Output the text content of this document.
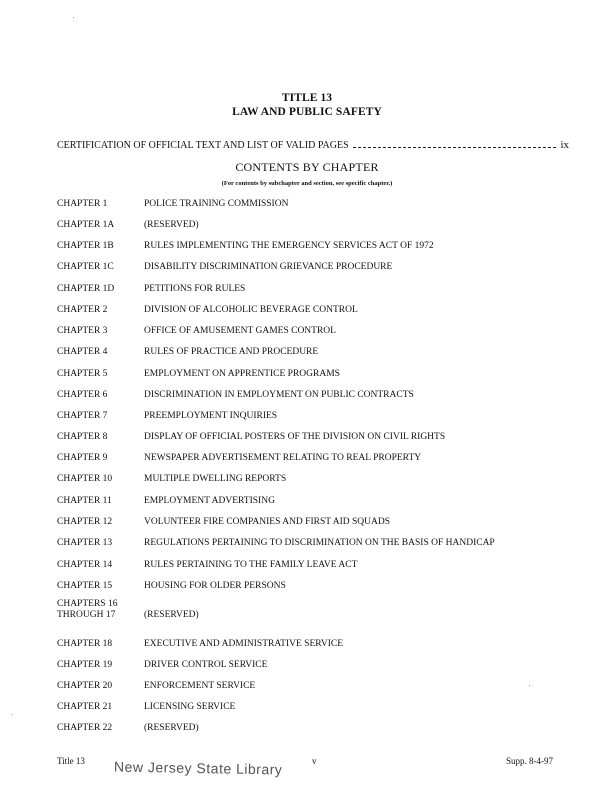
TITLE 13
LAW AND PUBLIC SAFETY
CERTIFICATION OF OFFICIAL TEXT AND LIST OF VALID PAGES	ix
CONTENTS BY CHAPTER
(For contents by subchapter and section, see specific chapter.)
CHAPTER 1	POLICE TRAINING COMMISSION
CHAPTER 1A	(RESERVED)
CHAPTER 1B	RULES IMPLEMENTING THE EMERGENCY SERVICES ACT OF 1972
CHAPTER 1C	DISABILITY DISCRIMINATION GRIEVANCE PROCEDURE
CHAPTER 1D	PETITIONS FOR RULES
CHAPTER 2	DIVISION OF ALCOHOLIC BEVERAGE CONTROL
CHAPTER 3	OFFICE OF AMUSEMENT GAMES CONTROL
CHAPTER 4	RULES OF PRACTICE AND PROCEDURE
CHAPTER 5	EMPLOYMENT ON APPRENTICE PROGRAMS
CHAPTER 6	DISCRIMINATION IN EMPLOYMENT ON PUBLIC CONTRACTS
CHAPTER 7	PREEMPLOYMENT INQUIRIES
CHAPTER 8	DISPLAY OF OFFICIAL POSTERS OF THE DIVISION ON CIVIL RIGHTS
CHAPTER 9	NEWSPAPER ADVERTISEMENT RELATING TO REAL PROPERTY
CHAPTER 10	MULTIPLE DWELLING REPORTS
CHAPTER 11	EMPLOYMENT ADVERTISING
CHAPTER 12	VOLUNTEER FIRE COMPANIES AND FIRST AID SQUADS
CHAPTER 13	REGULATIONS PERTAINING TO DISCRIMINATION ON THE BASIS OF HANDICAP
CHAPTER 14	RULES PERTAINING TO THE FAMILY LEAVE ACT
CHAPTER 15	HOUSING FOR OLDER PERSONS
CHAPTERS 16
THROUGH 17	(RESERVED)
CHAPTER 18	EXECUTIVE AND ADMINISTRATIVE SERVICE
CHAPTER 19	DRIVER CONTROL SERVICE
CHAPTER 20	ENFORCEMENT SERVICE
CHAPTER 21	LICENSING SERVICE
CHAPTER 22	(RESERVED)
Title 13	v	Supp. 8-4-97
New Jersey State Library
